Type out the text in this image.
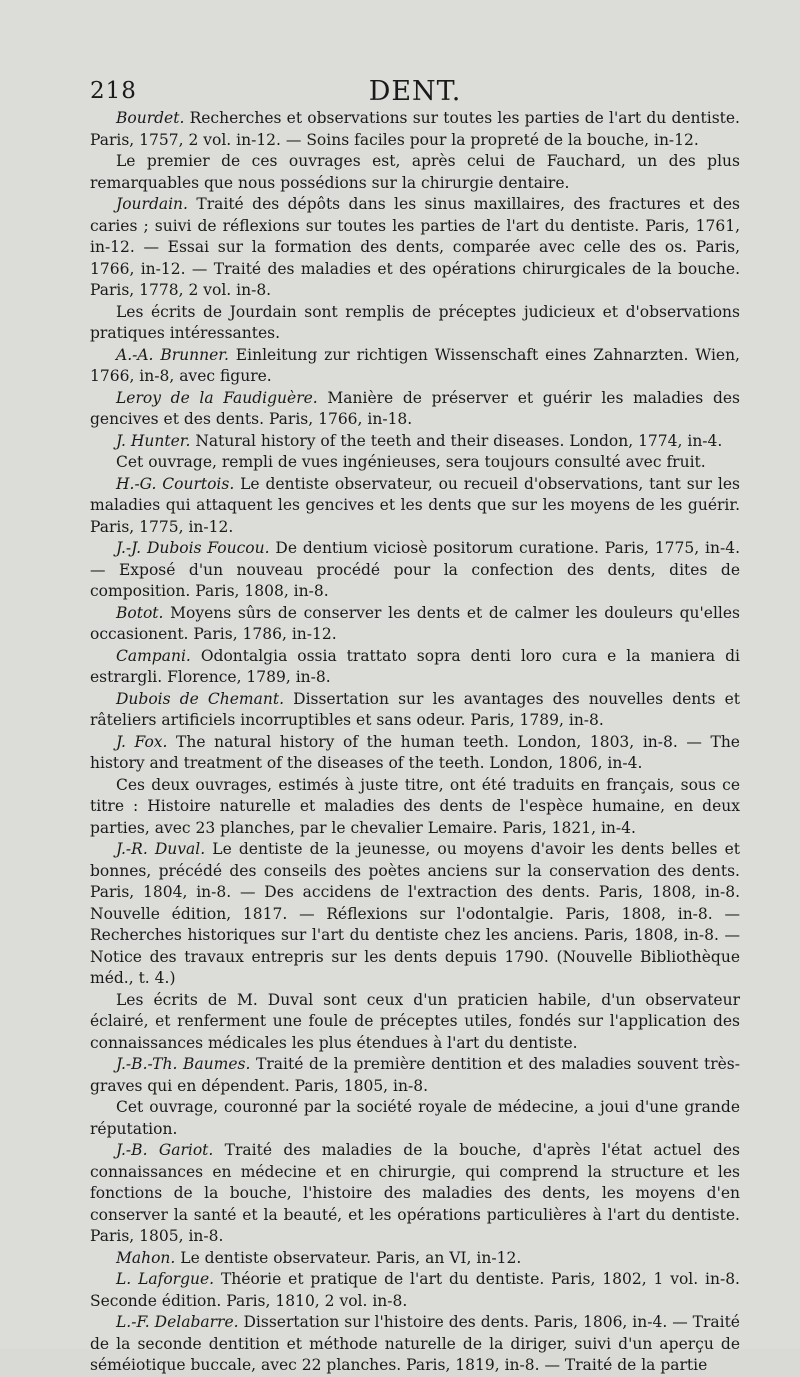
218	DENT.

Bourdet. Recherches et observations sur toutes les parties de l'art du dentiste. Paris, 1757, 2 vol. in-12. — Soins faciles pour la propreté de la bouche, in-12.

Le premier de ces ouvrages est, après celui de Fauchard, un des plus remarquables que nous possédions sur la chirurgie dentaire.

Jourdain. Traité des dépôts dans les sinus maxillaires, des fractures et des caries ; suivi de réflexions sur toutes les parties de l'art du dentiste. Paris, 1761, in-12. — Essai sur la formation des dents, comparée avec celle des os. Paris, 1766, in-12. — Traité des maladies et des opérations chirurgicales de la bouche. Paris, 1778, 2 vol. in-8.

Les écrits de Jourdain sont remplis de préceptes judicieux et d'observations pratiques intéressantes.

A.-A. Brunner. Einleitung zur richtigen Wissenschaft eines Zahnarzten. Wien, 1766, in-8, avec figure.

Leroy de la Faudiguère. Manière de préserver et guérir les maladies des gencives et des dents. Paris, 1766, in-18.

J. Hunter. Natural history of the teeth and their diseases. London, 1774, in-4.

Cet ouvrage, rempli de vues ingénieuses, sera toujours consulté avec fruit.

H.-G. Courtois. Le dentiste observateur, ou recueil d'observations, tant sur les maladies qui attaquent les gencives et les dents que sur les moyens de les guérir. Paris, 1775, in-12.

J.-J. Dubois Foucou. De dentium viciosè positorum curatione. Paris, 1775, in-4. — Exposé d'un nouveau procédé pour la confection des dents, dites de composition. Paris, 1808, in-8.

Botot. Moyens sûrs de conserver les dents et de calmer les douleurs qu'elles occasionent. Paris, 1786, in-12.

Campani. Odontalgia ossia trattato sopra denti loro cura e la maniera di estrargli. Florence, 1789, in-8.

Dubois de Chemant. Dissertation sur les avantages des nouvelles dents et râteliers artificiels incorruptibles et sans odeur. Paris, 1789, in-8.

J. Fox. The natural history of the human teeth. London, 1803, in-8. — The history and treatment of the diseases of the teeth. London, 1806, in-4.

Ces deux ouvrages, estimés à juste titre, ont été traduits en français, sous ce titre : Histoire naturelle et maladies des dents de l'espèce humaine, en deux parties, avec 23 planches, par le chevalier Lemaire. Paris, 1821, in-4.

J.-R. Duval. Le dentiste de la jeunesse, ou moyens d'avoir les dents belles et bonnes, précédé des conseils des poètes anciens sur la conservation des dents. Paris, 1804, in-8. — Des accidens de l'extraction des dents. Paris, 1808, in-8. Nouvelle édition, 1817. — Réflexions sur l'odontalgie. Paris, 1808, in-8. — Recherches historiques sur l'art du dentiste chez les anciens. Paris, 1808, in-8. — Notice des travaux entrepris sur les dents depuis 1790. (Nouvelle Bibliothèque méd., t. 4.)

Les écrits de M. Duval sont ceux d'un praticien habile, d'un observateur éclairé, et renferment une foule de préceptes utiles, fondés sur l'application des connaissances médicales les plus étendues à l'art du dentiste.

J.-B.-Th. Baumes. Traité de la première dentition et des maladies souvent très-graves qui en dépendent. Paris, 1805, in-8.

Cet ouvrage, couronné par la société royale de médecine, a joui d'une grande réputation.

J.-B. Gariot. Traité des maladies de la bouche, d'après l'état actuel des connaissances en médecine et en chirurgie, qui comprend la structure et les fonctions de la bouche, l'histoire des maladies des dents, les moyens d'en conserver la santé et la beauté, et les opérations particulières à l'art du dentiste. Paris, 1805, in-8.

Mahon. Le dentiste observateur. Paris, an VI, in-12.

L. Laforgue. Théorie et pratique de l'art du dentiste. Paris, 1802, 1 vol. in-8. Seconde édition. Paris, 1810, 2 vol. in-8.

L.-F. Delabarre. Dissertation sur l'histoire des dents. Paris, 1806, in-4. — Traité de la seconde dentition et méthode naturelle de la diriger, suivi d'un aperçu de séméiotique buccale, avec 22 planches. Paris, 1819, in-8. — Traité de la partie
